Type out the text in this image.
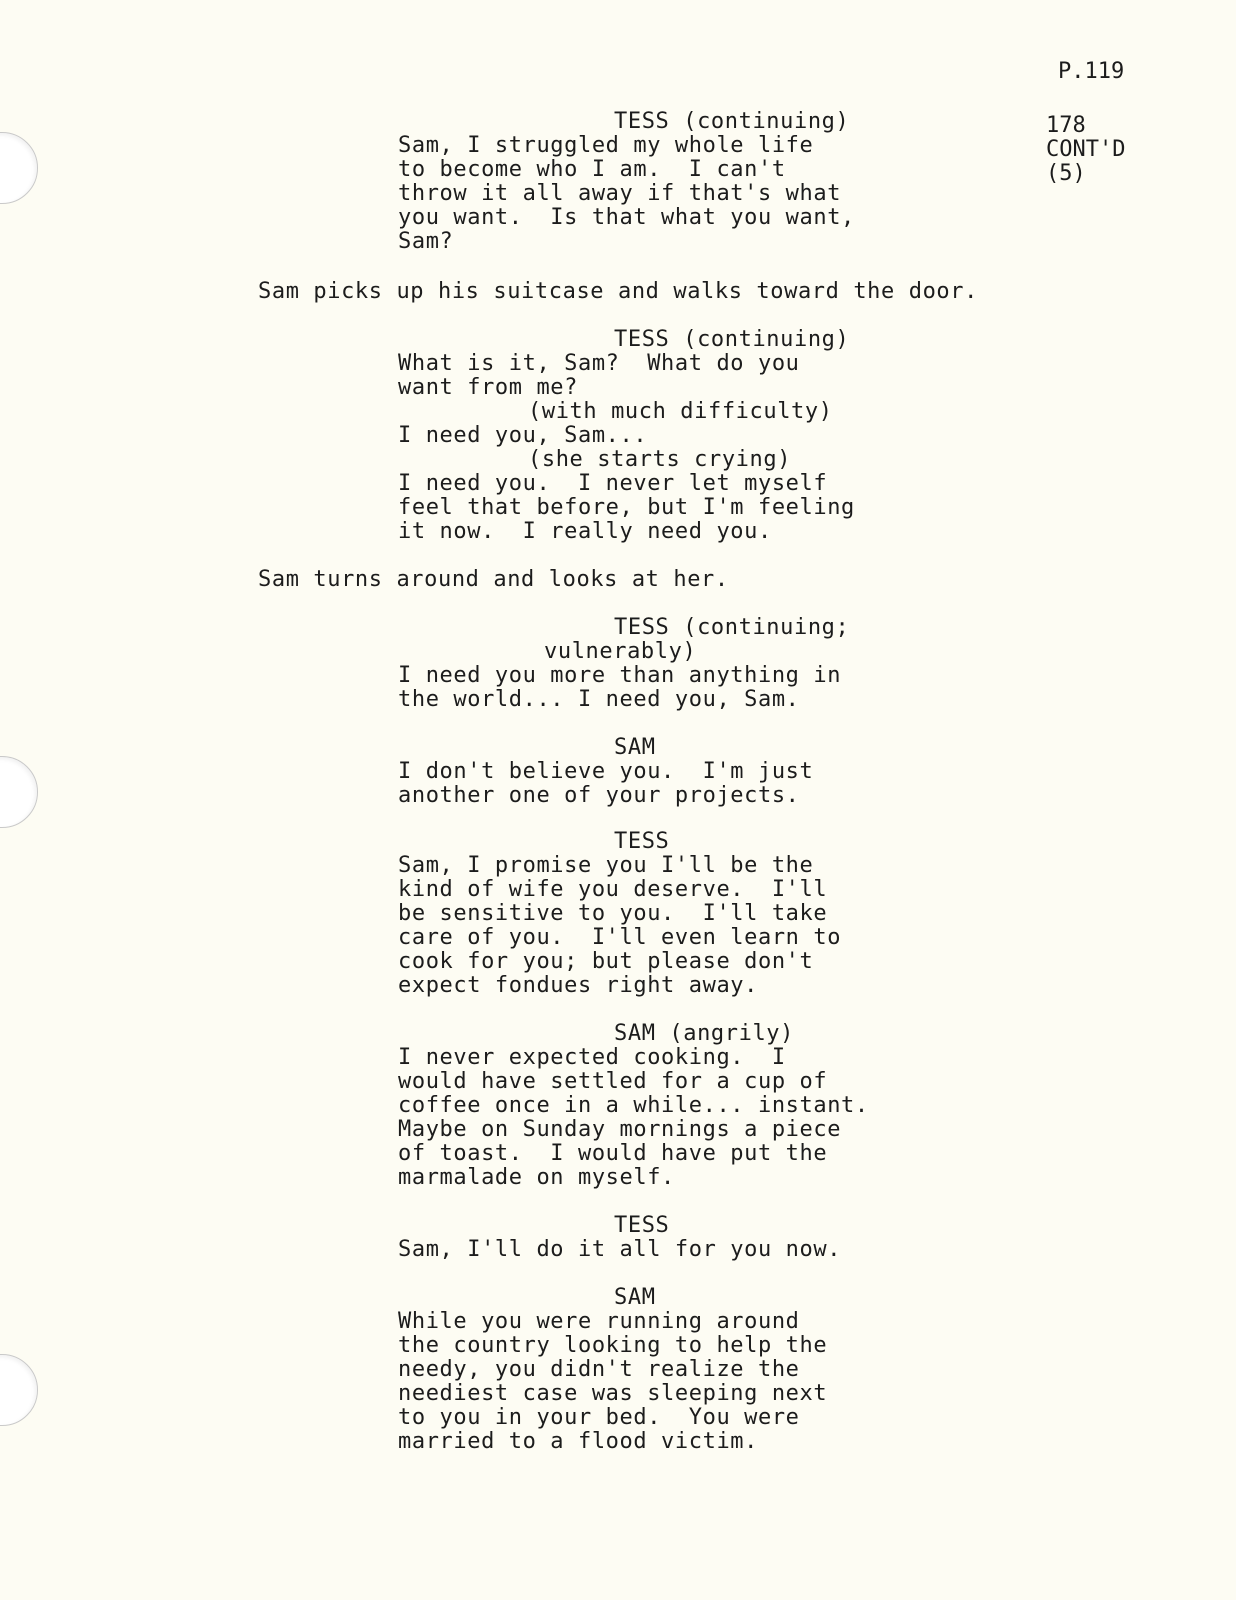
P.119
178
CONT'D
(5)
TESS (continuing)
Sam, I struggled my whole life
to become who I am.  I can't
throw it all away if that's what
you want.  Is that what you want,
Sam?
Sam picks up his suitcase and walks toward the door.
TESS (continuing)
What is it, Sam?  What do you
want from me?
(with much difficulty)
I need you, Sam...
(she starts crying)
I need you.  I never let myself
feel that before, but I'm feeling
it now.  I really need you.
Sam turns around and looks at her.
TESS (continuing;
vulnerably)
I need you more than anything in
the world... I need you, Sam.
SAM
I don't believe you.  I'm just
another one of your projects.
TESS
Sam, I promise you I'll be the
kind of wife you deserve.  I'll
be sensitive to you.  I'll take
care of you.  I'll even learn to
cook for you; but please don't
expect fondues right away.
SAM (angrily)
I never expected cooking.  I
would have settled for a cup of
coffee once in a while... instant.
Maybe on Sunday mornings a piece
of toast.  I would have put the
marmalade on myself.
TESS
Sam, I'll do it all for you now.
SAM
While you were running around
the country looking to help the
needy, you didn't realize the
neediest case was sleeping next
to you in your bed.  You were
married to a flood victim.
